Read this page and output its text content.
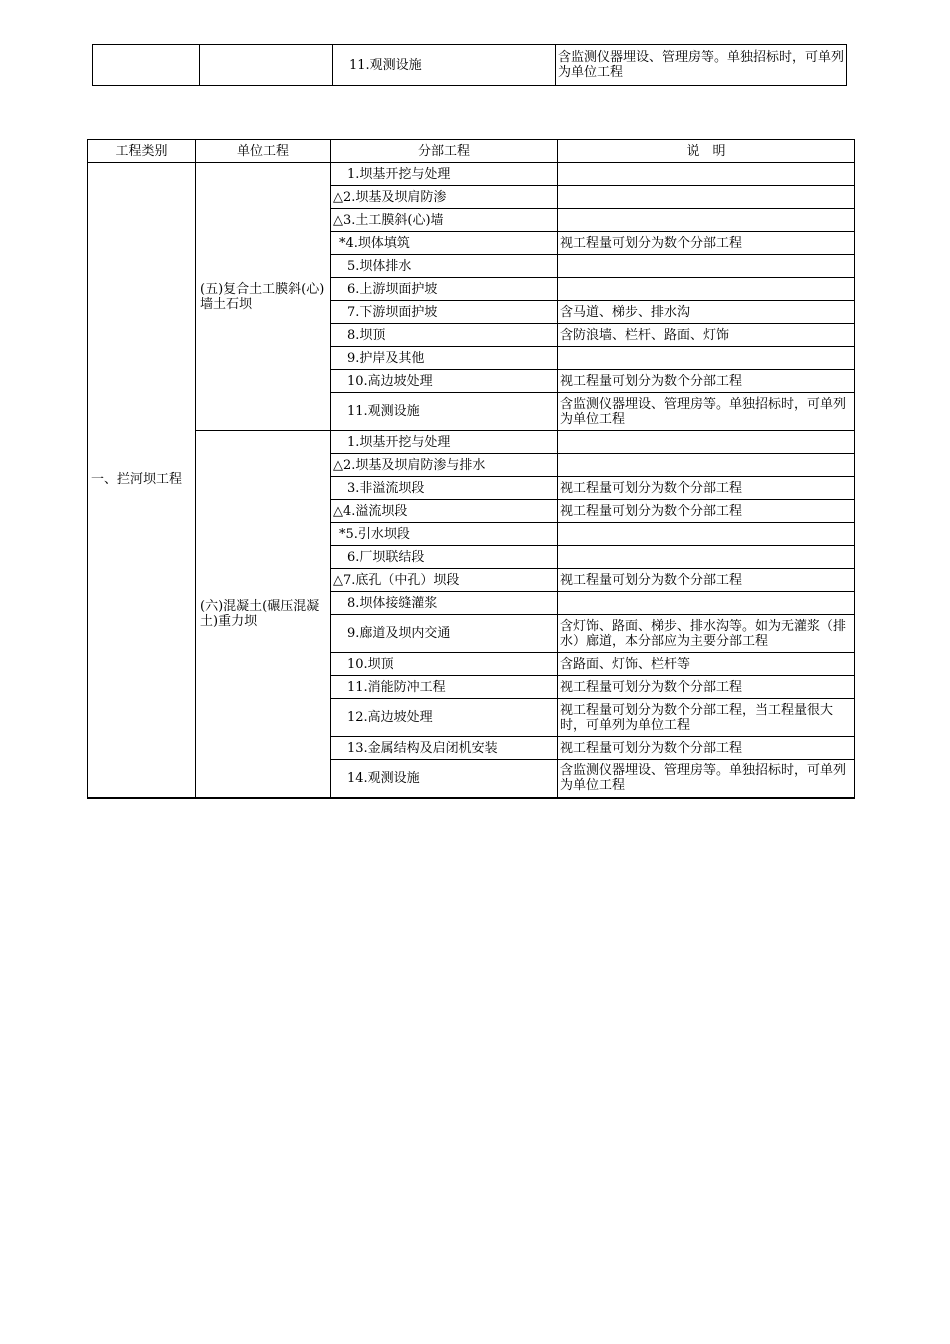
		11.观测设施	含监测仪器埋设、管理房等。单独招标时，可单列为单位工程
工程类别	单位工程	分部工程	说　明
一、拦河坝工程	(五)复合土工膜斜(心)墙土石坝	1.坝基开挖与处理	
		△2.坝基及坝肩防渗	
		△3.土工膜斜(心)墙	
		*4.坝体填筑	视工程量可划分为数个分部工程
		5.坝体排水	
		6.上游坝面护坡	
		7.下游坝面护坡	含马道、梯步、排水沟
		8.坝顶	含防浪墙、栏杆、路面、灯饰
		9.护岸及其他	
		10.高边坡处理	视工程量可划分为数个分部工程
		11.观测设施	含监测仪器埋设、管理房等。单独招标时，可单列为单位工程
	(六)混凝土(碾压混凝土)重力坝	1.坝基开挖与处理	
		△2.坝基及坝肩防渗与排水	
		3.非溢流坝段	视工程量可划分为数个分部工程
		△4.溢流坝段	视工程量可划分为数个分部工程
		*5.引水坝段	
		6.厂坝联结段	
		△7.底孔（中孔）坝段	视工程量可划分为数个分部工程
		8.坝体接缝灌浆	
		9.廊道及坝内交通	含灯饰、路面、梯步、排水沟等。如为无灌浆（排水）廊道，本分部应为主要分部工程
		10.坝顶	含路面、灯饰、栏杆等
		11.消能防冲工程	视工程量可划分为数个分部工程
		12.高边坡处理	视工程量可划分为数个分部工程，当工程量很大时，可单列为单位工程
		13.金属结构及启闭机安装	视工程量可划分为数个分部工程
		14.观测设施	含监测仪器埋设、管理房等。单独招标时，可单列为单位工程
